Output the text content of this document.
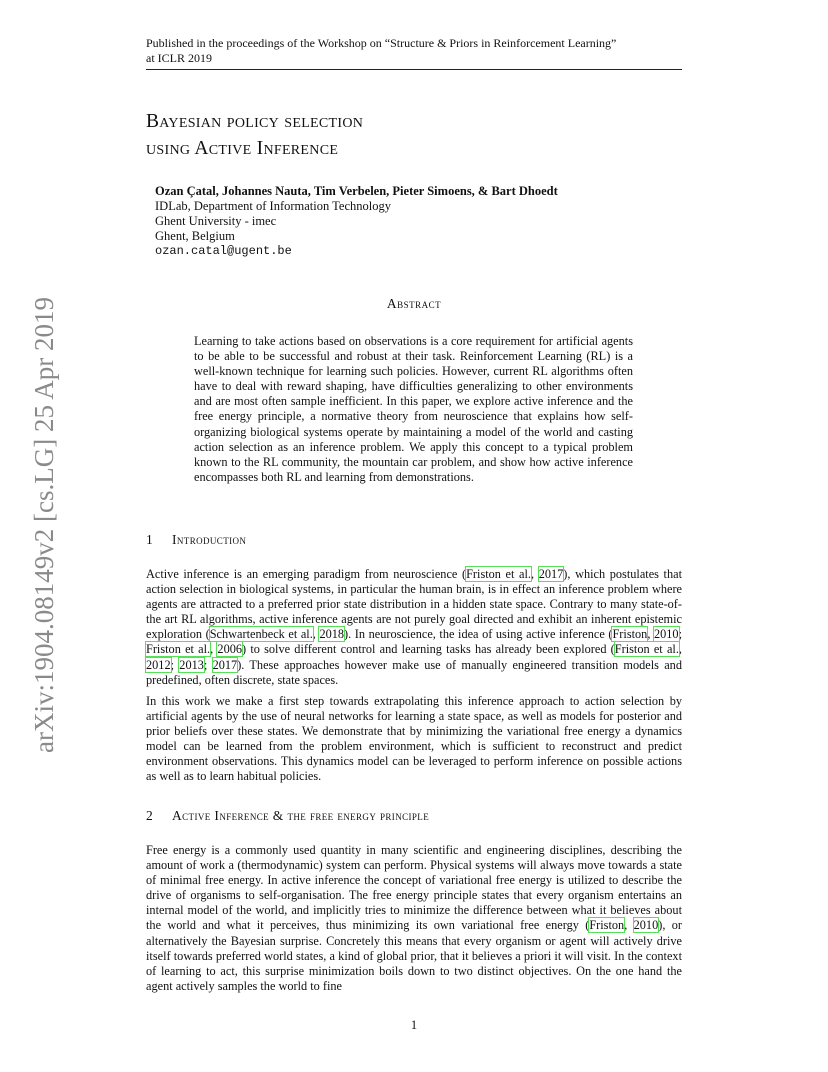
Published in the proceedings of the Workshop on “Structure & Priors in Reinforcement Learning”
at ICLR 2019
arXiv:1904.08149v2 [cs.LG] 25 Apr 2019
Bayesian policy selection
using Active Inference
Ozan Çatal, Johannes Nauta, Tim Verbelen, Pieter Simoens, & Bart Dhoedt
IDLab, Department of Information Technology
Ghent University - imec
Ghent, Belgium
ozan.catal@ugent.be
Abstract
Learning to take actions based on observations is a core requirement for artificial agents to be able to be successful and robust at their task. Reinforcement Learning (RL) is a well-known technique for learning such policies. However, current RL algorithms often have to deal with reward shaping, have difficulties generalizing to other environments and are most often sample inefficient. In this paper, we explore active inference and the free energy principle, a normative theory from neuroscience that explains how self-organizing biological systems operate by maintaining a model of the world and casting action selection as an inference problem. We apply this concept to a typical problem known to the RL community, the mountain car problem, and show how active inference encompasses both RL and learning from demonstrations.
1 Introduction

Active inference is an emerging paradigm from neuroscience (Friston et al., 2017), which postulates that action selection in biological systems, in particular the human brain, is in effect an inference problem where agents are attracted to a preferred prior state distribution in a hidden state space. Contrary to many state-of-the art RL algorithms, active inference agents are not purely goal directed and exhibit an inherent epistemic exploration (Schwartenbeck et al., 2018). In neuroscience, the idea of using active inference (Friston, 2010; Friston et al., 2006) to solve different control and learning tasks has already been explored (Friston et al., 2012; 2013; 2017). These approaches however make use of manually engineered transition models and predefined, often discrete, state spaces.

In this work we make a first step towards extrapolating this inference approach to action selection by artificial agents by the use of neural networks for learning a state space, as well as models for posterior and prior beliefs over these states. We demonstrate that by minimizing the variational free energy a dynamics model can be learned from the problem environment, which is sufficient to reconstruct and predict environment observations. This dynamics model can be leveraged to perform inference on possible actions as well as to learn habitual policies.

2 Active Inference & the free energy principle

Free energy is a commonly used quantity in many scientific and engineering disciplines, describing the amount of work a (thermodynamic) system can perform. Physical systems will always move towards a state of minimal free energy. In active inference the concept of variational free energy is utilized to describe the drive of organisms to self-organisation. The free energy principle states that every organism entertains an internal model of the world, and implicitly tries to minimize the difference between what it believes about the world and what it perceives, thus minimizing its own variational free energy (Friston, 2010), or alternatively the Bayesian surprise. Concretely this means that every organism or agent will actively drive itself towards preferred world states, a kind of global prior, that it believes a priori it will visit. In the context of learning to act, this surprise minimization boils down to two distinct objectives. On the one hand the agent actively samples the world to fine

1
